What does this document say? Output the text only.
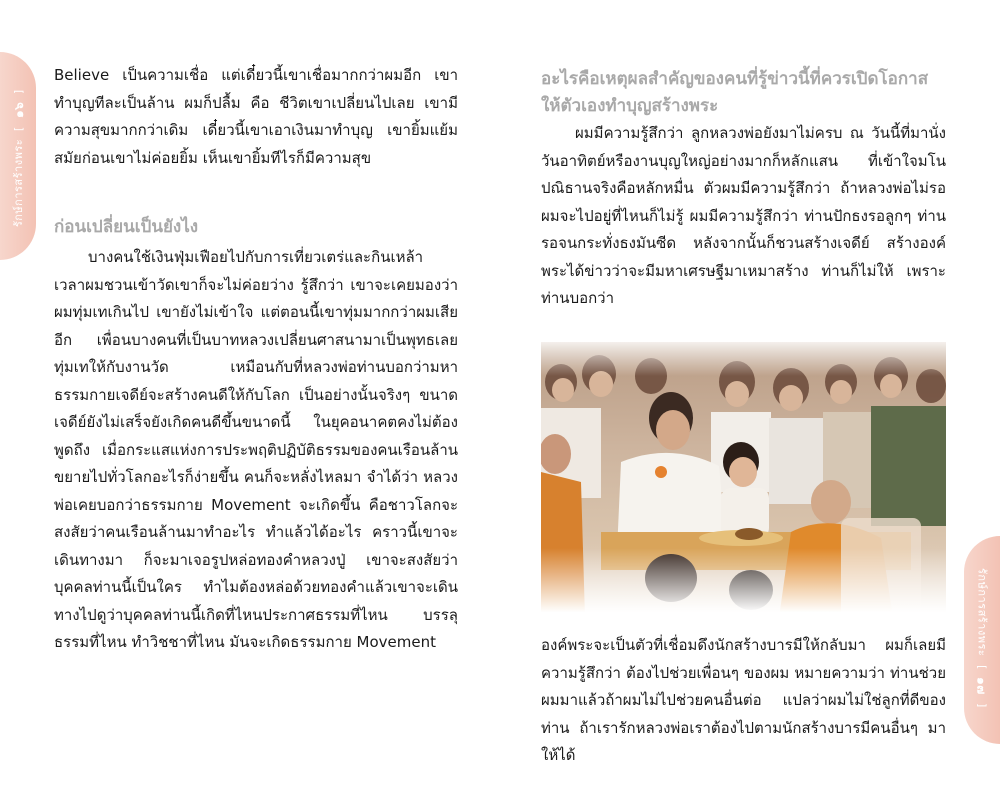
รักษ์การสร้างพระ [ ๑๖ ]
รักษ์การสร้างพระ [ ๑๗ ]

Believe เป็นความเชื่อ แต่เดี๋ยวนี้เขาเชื่อมากกว่าผมอีก เขาทำบุญทีละเป็นล้าน ผมก็ปลื้ม คือ ชีวิตเขาเปลี่ยนไปเลย เขามีความสุขมากกว่าเดิม เดี๋ยวนี้เขาเอาเงินมาทำบุญ เขายิ้มแย้ม สมัยก่อนเขาไม่ค่อยยิ้ม เห็นเขายิ้มทีไรก็มีความสุข

ก่อนเปลี่ยนเป็นยังไง

บางคนใช้เงินฟุ่มเฟือยไปกับการเที่ยวเตร่และกินเหล้า เวลาผมชวนเข้าวัดเขาก็จะไม่ค่อยว่าง รู้สึกว่า เขาจะเคยมองว่าผมทุ่มเทเกินไป เขายังไม่เข้าใจ แต่ตอนนี้เขาทุ่มมากกว่าผมเสียอีก เพื่อนบางคนที่เป็นบาทหลวงเปลี่ยนศาสนามาเป็นพุทธเลย ทุ่มเทให้กับงานวัด เหมือนกับที่หลวงพ่อท่านบอกว่ามหาธรรมกายเจดีย์จะสร้างคนดีให้กับโลก เป็นอย่างนั้นจริงๆ ขนาดเจดีย์ยังไม่เสร็จยังเกิดคนดีขึ้นขนาดนี้ ในยุคอนาคตคงไม่ต้องพูดถึง เมื่อกระแสแห่งการประพฤติปฏิบัติธรรมของคนเรือนล้านขยายไปทั่วโลกอะไรก็ง่ายขึ้น คนก็จะหลั่งไหลมา จำได้ว่า หลวงพ่อเคยบอกว่าธรรมกาย Movement จะเกิดขึ้น คือชาวโลกจะสงสัยว่าคนเรือนล้านมาทำอะไร ทำแล้วได้อะไร คราวนี้เขาจะเดินทางมา ก็จะมาเจอรูปหล่อทองคำหลวงปู่ เขาจะสงสัยว่าบุคคลท่านนี้เป็นใคร ทำไมต้องหล่อด้วยทองคำแล้วเขาจะเดินทางไปดูว่าบุคคลท่านนี้เกิดที่ไหนประกาศธรรมที่ไหน บรรลุธรรมที่ไหน ทำวิชชาที่ไหน มันจะเกิดธรรมกาย Movement

อะไรคือเหตุผลสำคัญของคนที่รู้ข่าวนี้ที่ควรเปิดโอกาสให้ตัวเองทำบุญสร้างพระ

ผมมีความรู้สึกว่า ลูกหลวงพ่อยังมาไม่ครบ ณ วันนี้ที่มานั่งวันอาทิตย์หรืองานบุญใหญ่อย่างมากก็หลักแสน ที่เข้าใจมโนปณิธานจริงคือหลักหมื่น ตัวผมมีความรู้สึกว่า ถ้าหลวงพ่อไม่รอ ผมจะไปอยู่ที่ไหนก็ไม่รู้ ผมมีความรู้สึกว่า ท่านปักธงรอลูกๆ ท่านรอจนกระทั่งธงมันซีด หลังจากนั้นก็ชวนสร้างเจดีย์ สร้างองค์พระได้ข่าวว่าจะมีมหาเศรษฐีมาเหมาสร้าง ท่านก็ไม่ให้ เพราะท่านบอกว่า

องค์พระจะเป็นตัวที่เชื่อมดึงนักสร้างบารมีให้กลับมา ผมก็เลยมีความรู้สึกว่า ต้องไปช่วยเพื่อนๆ ของผม หมายความว่า ท่านช่วยผมมาแล้วถ้าผมไม่ไปช่วยคนอื่นต่อ แปลว่าผมไม่ใช่ลูกที่ดีของท่าน ถ้าเรารักหลวงพ่อเราต้องไปตามนักสร้างบารมีคนอื่นๆ มาให้ได้
